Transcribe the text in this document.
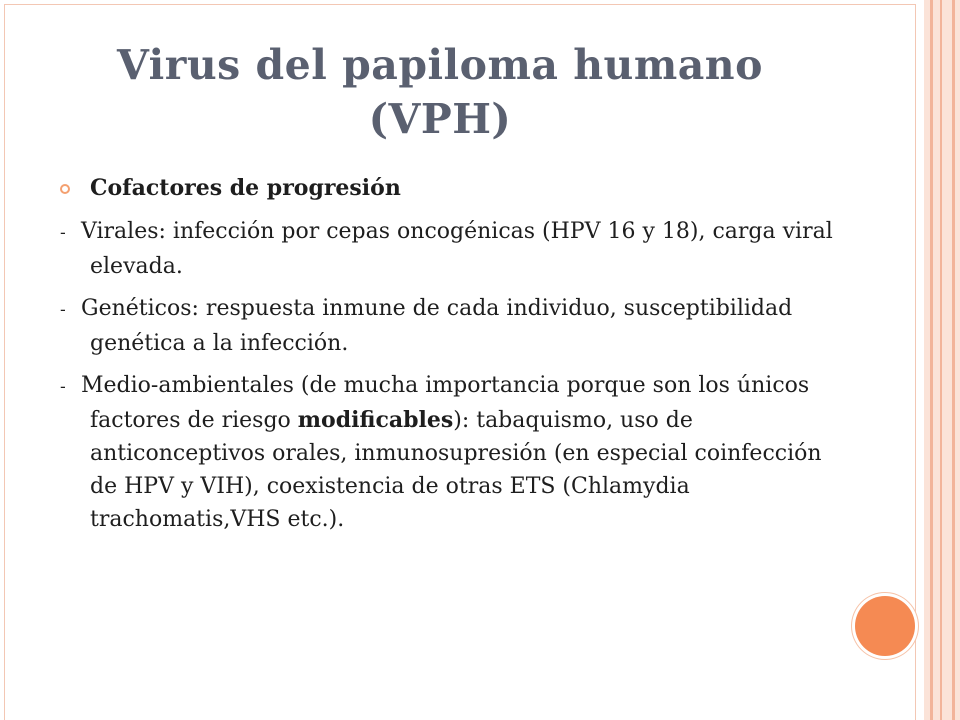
Virus del papiloma humano
(VPH)
Cofactores de progresión
- Virales: infección por cepas oncogénicas (HPV 16 y 18), carga viral elevada.
- Genéticos: respuesta inmune de cada individuo, susceptibilidad genética a la infección.
- Medio-ambientales (de mucha importancia porque son los únicos factores de riesgo modificables): tabaquismo, uso de anticonceptivos orales, inmunosupresión (en especial coinfección de HPV y VIH), coexistencia de otras ETS (Chlamydia trachomatis,VHS etc.).
